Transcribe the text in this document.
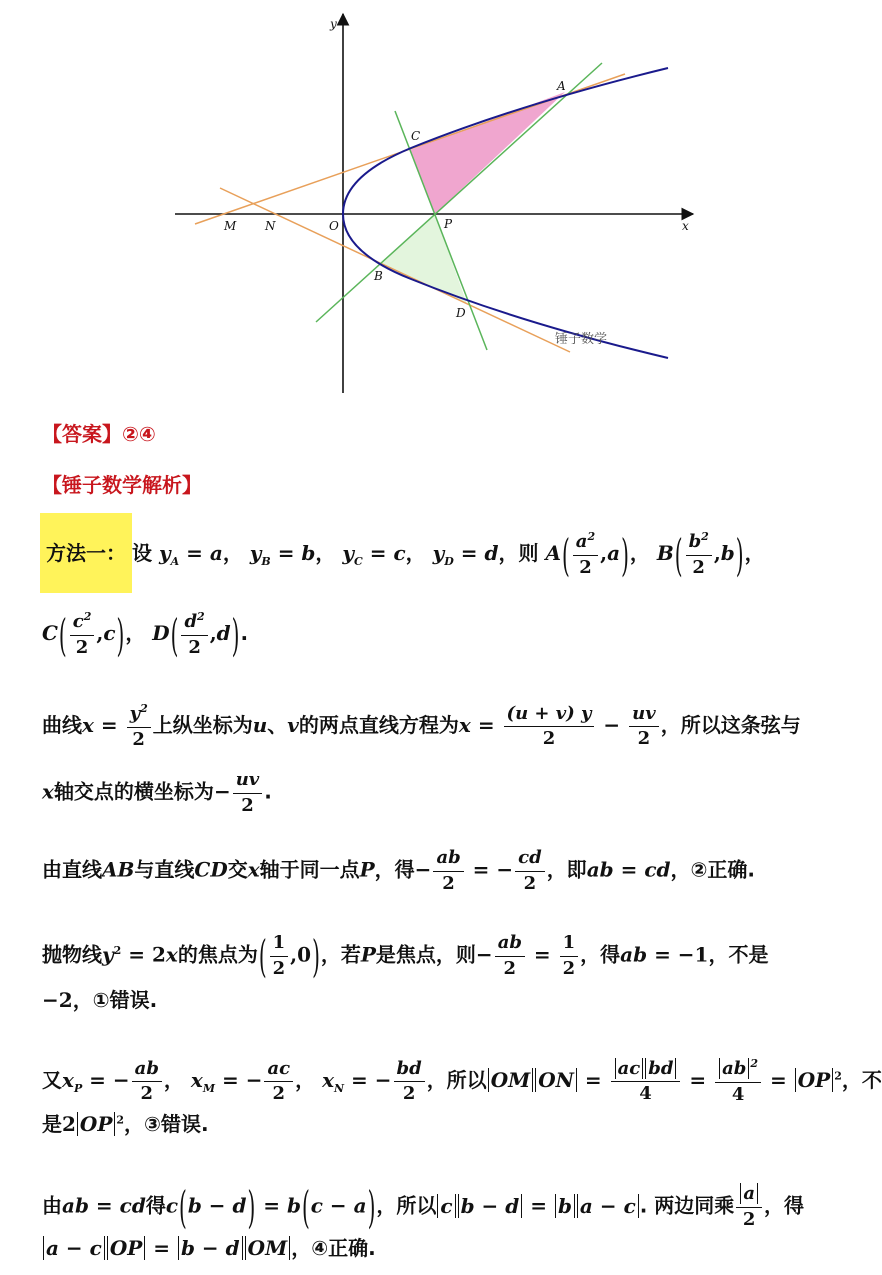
y
x
A
C
P
O
M N
B
D
锤子数学
【答案】②④
【锤子数学解析】
方法一： 设 $y_A = a$， $y_B = b$， $y_C = c$， $y_D = d$，则 $A( \frac{a^2}{2} ,a)$， $B( \frac{b^2}{2} ,b)$，
$C( \frac{c^2}{2} ,c)$， $D( \frac{d^2}{2} ,d)$.
曲线$x = \frac{y^2}{2}$ 上纵坐标为u、v的两点直线方程为$x = \frac{(u + v) y}{2} - \frac{uv}{2}$ ，所以这条弦与
x轴交点的横坐标为− $\frac{uv}{2}$ .
由直线AB与直线CD交x轴于同一点P，得− $\frac{ab}{2}$ = − $\frac{cd}{2}$ ，即ab = cd，②正确.
抛物线$y^2 = 2x$的焦点为( $\frac{1}{2} ,0$)，若P是焦点，则− $\frac{ab}{2} = \frac{1}{2}$ ，得ab = −1，不是
−2，①错误.
又$x_P$ = − $\frac{ab}{2}$ ， $x_M$ = − $\frac{ac}{2}$ ， $x_N$ = − $\frac{bd}{2}$ ，所以 OM ON = $\frac{\text{ac bd}}{4} = \frac{ab ^2}{4}$ = OP $^2$，不
是2 OP $^2$，③错误.
由ab = cd得c(b − d) = b(c − a)，所以 c b − d = b a − c . 两边同乘 $\frac{a}{2}$ ，得
a − c OP = b − d OM ，④正确.
